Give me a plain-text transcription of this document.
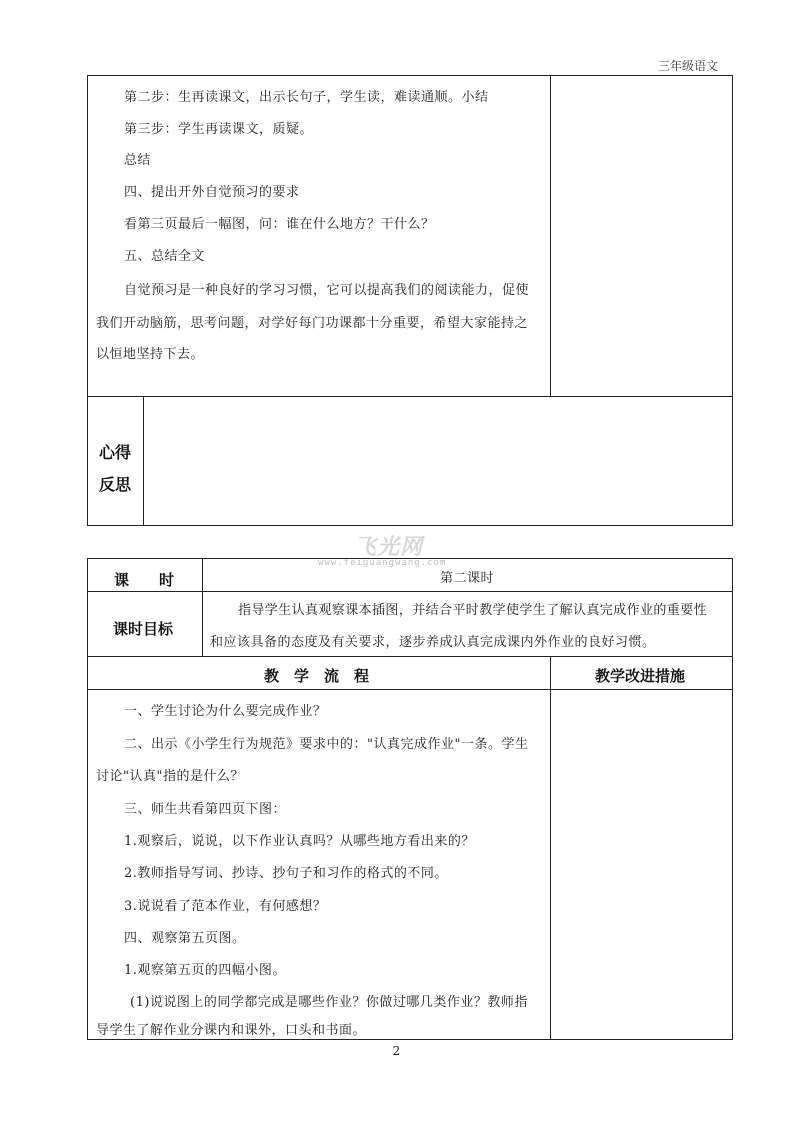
三年级语文
第二步：生再读课文，出示长句子，学生读，难读通顺。小结
第三步：学生再读课文，质疑。
总结
四、提出开外自觉预习的要求
看第三页最后一幅图，问：谁在什么地方？干什么？
五、总结全文
自觉预习是一种良好的学习习惯，它可以提高我们的阅读能力，促使
我们开动脑筋，思考问题，对学好每门功课都十分重要，希望大家能持之
以恒地坚持下去。
心得
反思
飞光网
www.feiguangwang.com
课　　时	第二课时
课时目标
指导学生认真观察课本插图，并结合平时教学使学生了解认真完成作业的重要性
和应该具备的态度及有关要求，逐步养成认真完成课内外作业的良好习惯。
教　学　流　程	教学改进措施
一、学生讨论为什么要完成作业？
二、出示《小学生行为规范》要求中的："认真完成作业"一条。学生
讨论"认真"指的是什么？
三、师生共看第四页下图：
1.观察后，说说，以下作业认真吗？从哪些地方看出来的？
2.教师指导写词、抄诗、抄句子和习作的格式的不同。
3.说说看了范本作业，有何感想？
四、观察第五页图。
1.观察第五页的四幅小图。
(1)说说图上的同学都完成是哪些作业？你做过哪几类作业？教师指
导学生了解作业分课内和课外，口头和书面。
2
